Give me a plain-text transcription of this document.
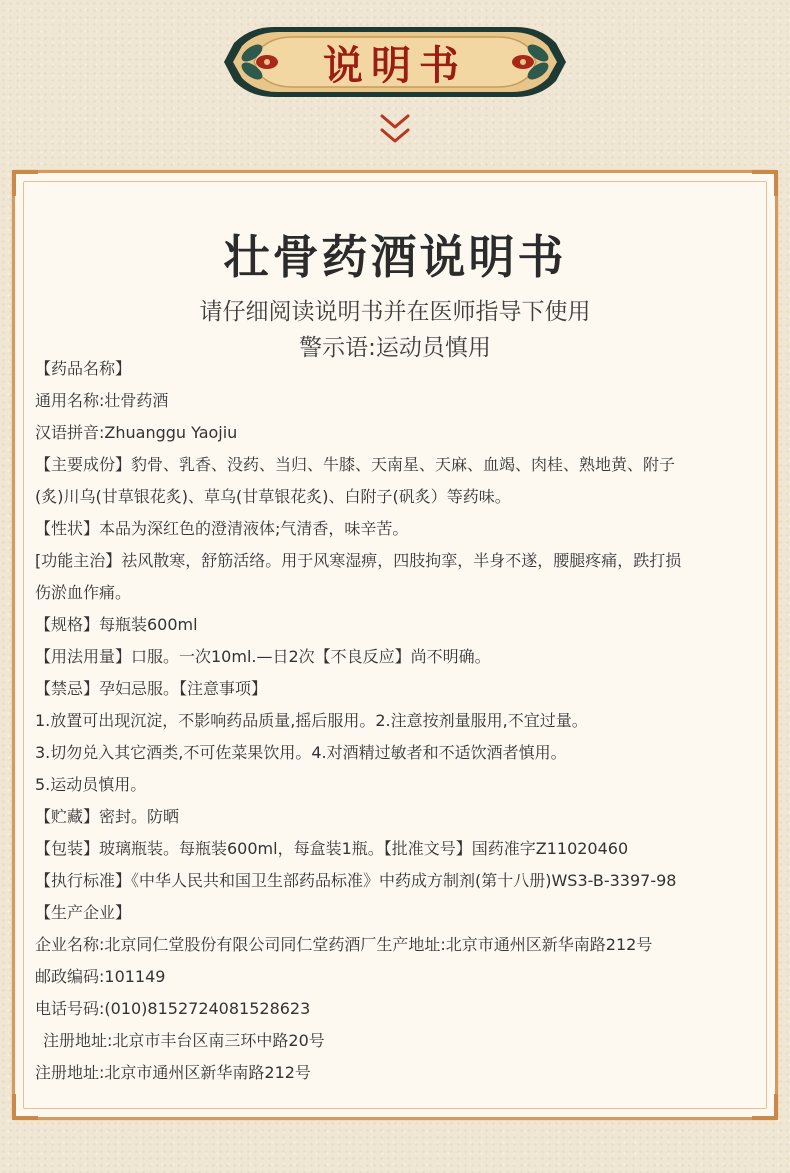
说明书
壮骨药酒说明书
请仔细阅读说明书并在医师指导下使用
警示语:运动员慎用
【药品名称】
通用名称:壮骨药酒
汉语拼音:Zhuanggu Yaojiu
【主要成份】豹骨、乳香、没药、当归、牛膝、天南星、天麻、血竭、肉桂、熟地黄、附子
(炙)川乌(甘草银花炙)、草乌(甘草银花炙)、白附子(矾炙）等药味。
【性状】本品为深红色的澄清液体;气清香，味辛苦。
[功能主治】祛风散寒，舒筋活络。用于风寒湿痹，四肢拘挛，半身不遂，腰腿疼痛，跌打损
伤淤血作痛。
【规格】每瓶装600ml
【用法用量】口服。一次10ml.—日2次【不良反应】尚不明确。
【禁忌】孕妇忌服。【注意事项】
1.放置可出现沉淀，不影响药品质量,摇后服用。2.注意按剂量服用,不宜过量。
3.切勿兑入其它酒类,不可佐菜果饮用。4.对酒精过敏者和不适饮酒者慎用。
5.运动员慎用。
【贮藏】密封。防晒
【包装】玻璃瓶装。每瓶装600ml，每盒装1瓶。【批准文号】国药准字Z11020460
【执行标准】《中华人民共和国卫生部药品标准》中药成方制剂(第十八册)WS3-B-3397-98
【生产企业】
企业名称:北京同仁堂股份有限公司同仁堂药酒厂生产地址:北京市通州区新华南路212号
邮政编码:101149
电话号码:(010)8152724081528623
注册地址:北京市丰台区南三环中路20号
注册地址:北京市通州区新华南路212号
